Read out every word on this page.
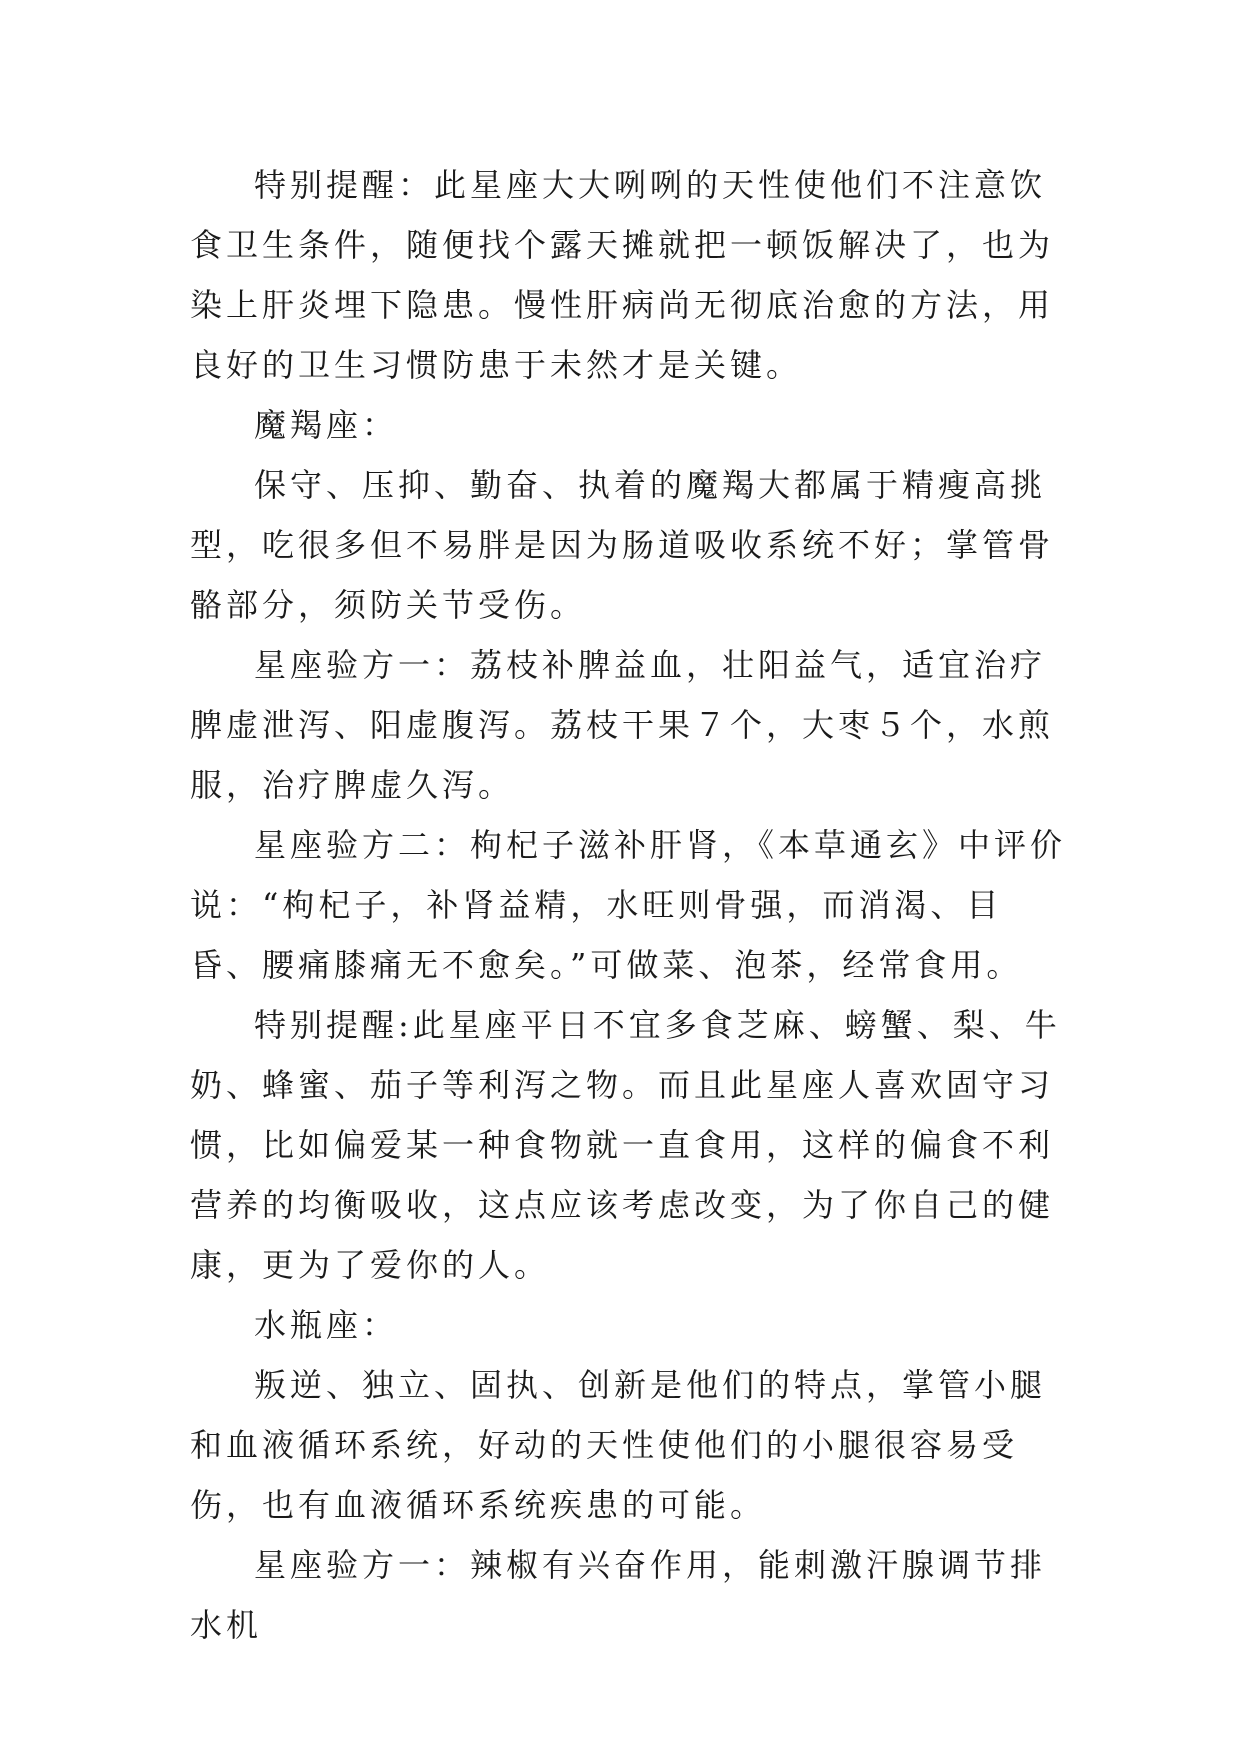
特别提醒：此星座大大咧咧的天性使他们不注意饮食卫生条件，随便找个露天摊就把一顿饭解决了，也为染上肝炎埋下隐患。慢性肝病尚无彻底治愈的方法，用良好的卫生习惯防患于未然才是关键。

魔羯座：

保守、压抑、勤奋、执着的魔羯大都属于精瘦高挑型，吃很多但不易胖是因为肠道吸收系统不好；掌管骨骼部分，须防关节受伤。

星座验方一：荔枝补脾益血，壮阳益气，适宜治疗脾虚泄泻、阳虚腹泻。荔枝干果７个，大枣５个，水煎服，治疗脾虚久泻。

星座验方二：枸杞子滋补肝肾，《本草通玄》中评价说：“枸杞子，补肾益精，水旺则骨强，而消渴、目昏、腰痛膝痛无不愈矣。”可做菜、泡茶，经常食用。

特别提醒:此星座平日不宜多食芝麻、螃蟹、梨、牛奶、蜂蜜、茄子等利泻之物。而且此星座人喜欢固守习惯，比如偏爱某一种食物就一直食用，这样的偏食不利营养的均衡吸收，这点应该考虑改变，为了你自己的健康，更为了爱你的人。

水瓶座：

叛逆、独立、固执、创新是他们的特点，掌管小腿和血液循环系统，好动的天性使他们的小腿很容易受伤，也有血液循环系统疾患的可能。

星座验方一：辣椒有兴奋作用，能刺激汗腺调节排水机
